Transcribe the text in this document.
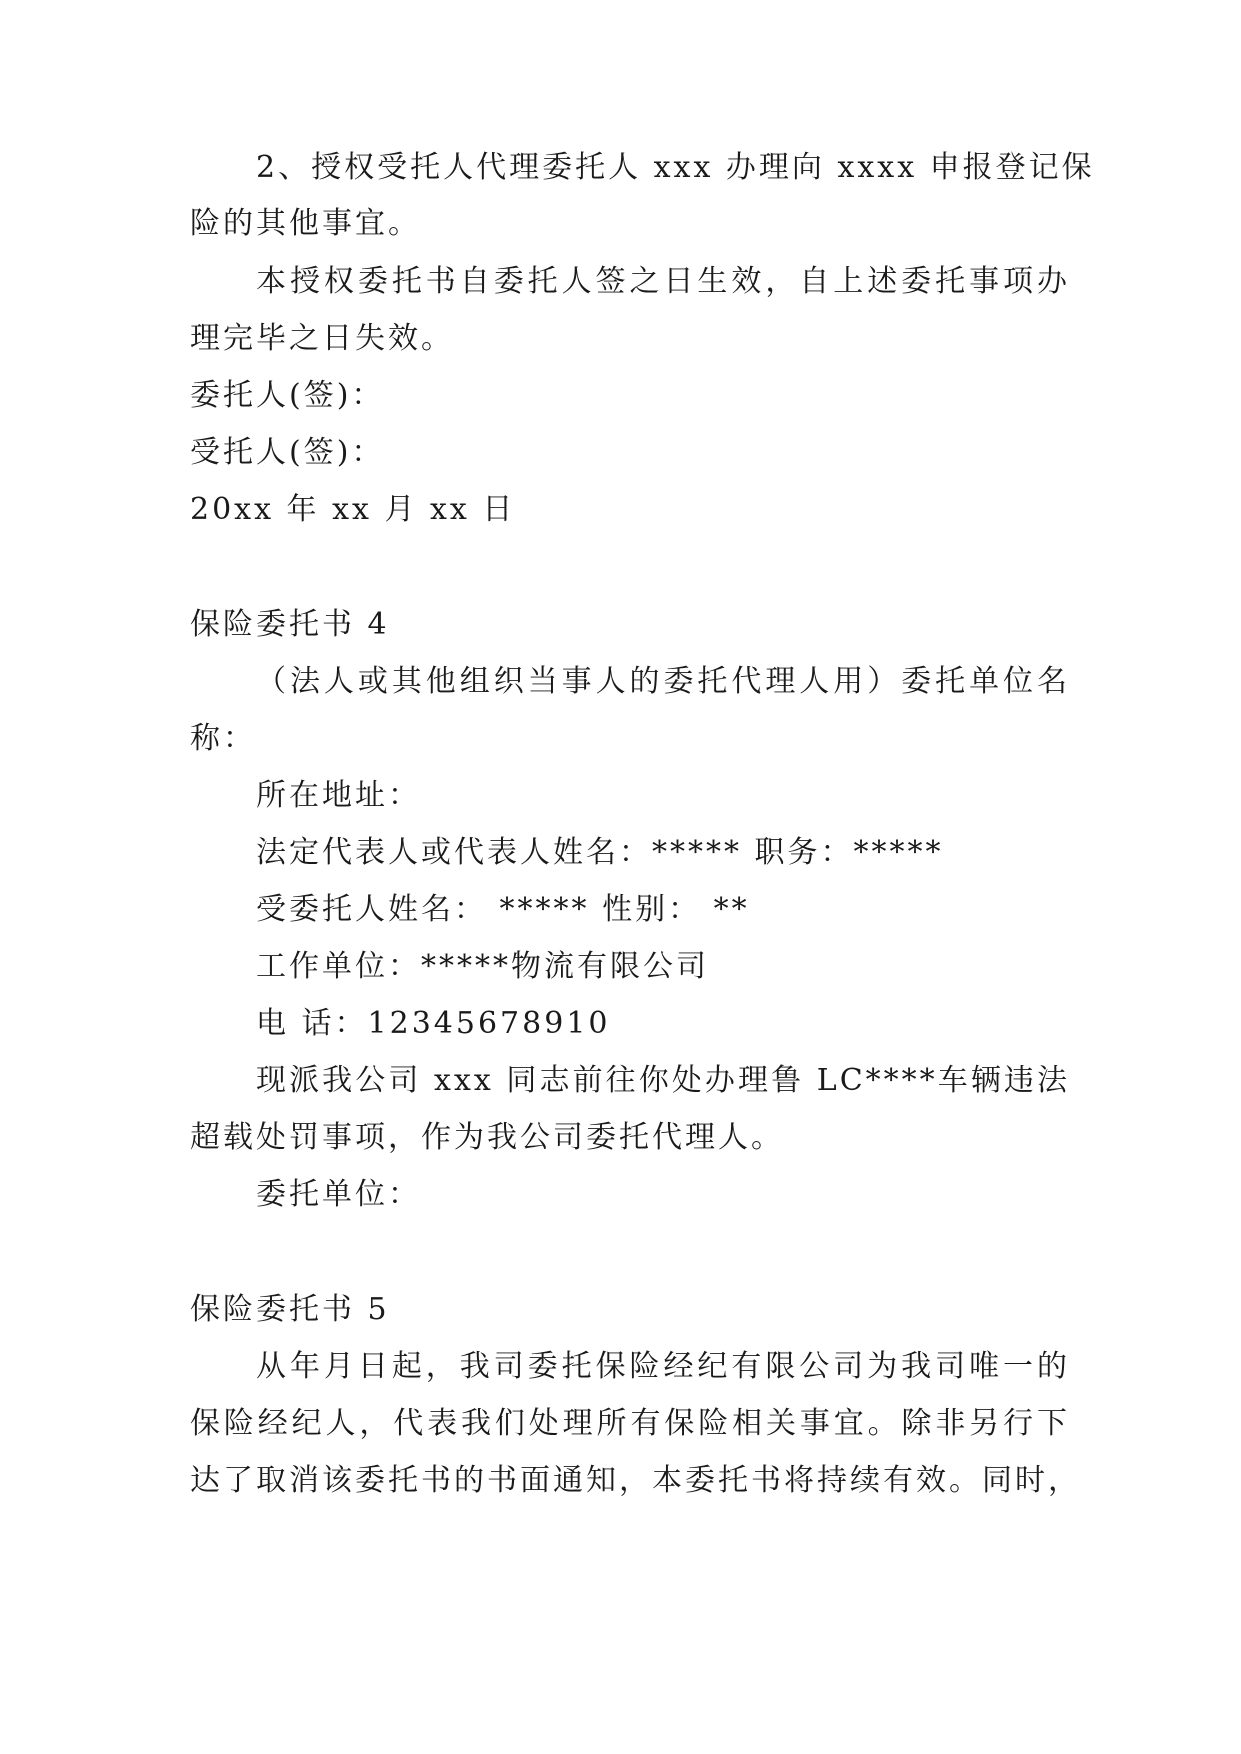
2、授权受托人代理委托人 xxx 办理向 xxxx 申报登记保
险的其他事宜。
本授权委托书自委托人签之日生效，自上述委托事项办
理完毕之日失效。
委托人(签)：
受托人(签)：
20xx 年 xx 月 xx 日
保险委托书 4
（法人或其他组织当事人的委托代理人用）委托单位名
称：
所在地址：
法定代表人或代表人姓名：***** 职务：*****
受委托人姓名： ***** 性别： **
工作单位：*****物流有限公司
电 话：12345678910
现派我公司 xxx 同志前往你处办理鲁 LC****车辆违法
超载处罚事项，作为我公司委托代理人。
委托单位：
保险委托书 5
从年月日起，我司委托保险经纪有限公司为我司唯一的
保险经纪人，代表我们处理所有保险相关事宜。除非另行下
达了取消该委托书的书面通知，本委托书将持续有效。同时，
